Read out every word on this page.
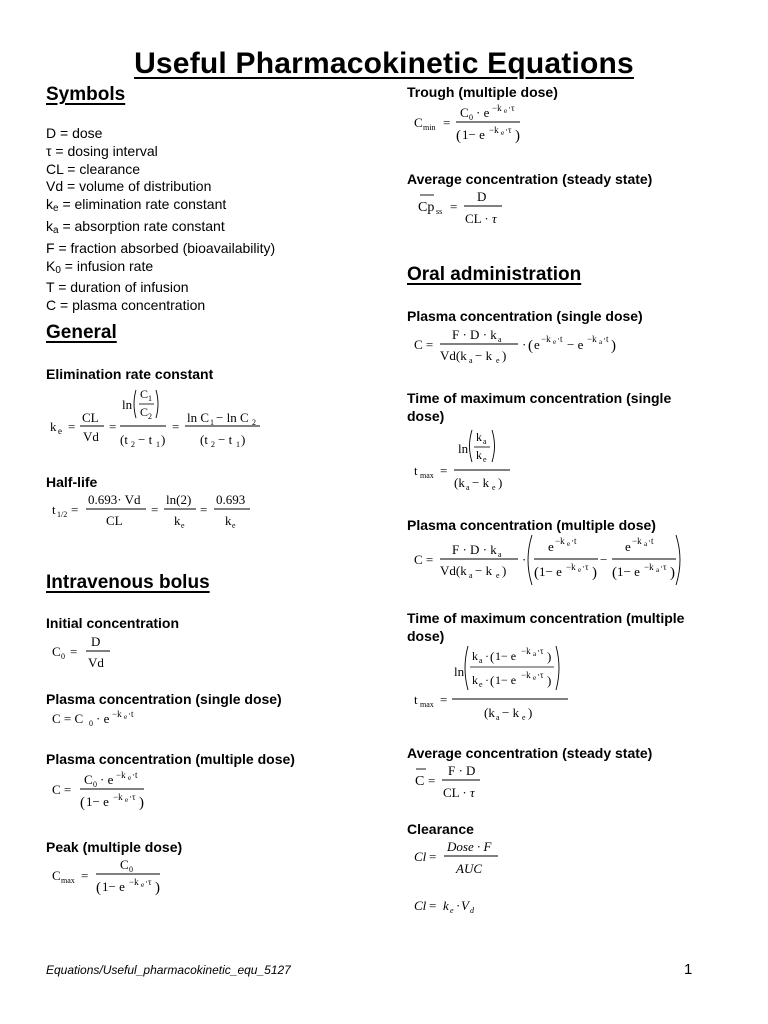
Useful Pharmacokinetic Equations
Symbols
D = dose
τ = dosing interval
CL = clearance
Vd = volume of distribution
$k_e$ = elimination rate constant
$k_a$ = absorption rate constant
F = fraction absorbed (bioavailability)
$K_0$ = infusion rate
T = duration of infusion
C = plasma concentration
General
Elimination rate constant
k e =
CL
Vd
=
ln
C 1
C 2
(t 2 − t 1 )
=
ln C 1 − ln C 2
(t 2 − t 1 )
Half-life
t 1/2 =
0.693· Vd
CL
=
ln(2)
k e
=
0.693
k e
Intravenous bolus
Initial concentration
C 0 =
D
Vd
Plasma concentration (single dose)
C = C 0 · e −k e ·t
Plasma concentration (multiple dose)
C =
C 0 · e −k e ·t
( 1− e −k e ·τ )
Peak (multiple dose)
C max =
C 0
( 1− e −k e ·τ )
Trough (multiple dose)
C min =
C 0 · e −k e ·τ
( 1− e −k e ·τ )
Average concentration (steady state)
Cp ss =
D
CL · τ
Oral administration
Plasma concentration (single dose)
C =
F · D · k a
Vd(k a − k e )
· ( e −k e ·t − e −k a ·t )
Time of maximum concentration (single
dose)
t max =
ln
k a
k e
(k a − k e )
Plasma concentration (multiple dose)
C =
F · D · k a
Vd(k a − k e )
·
e −k e ·t
( 1− e −k e ·τ )
−
e −k a ·t
( 1− e −k a ·τ )
Time of maximum concentration (multiple
dose)
t max =
ln
k a · ( 1− e −k a ·τ )
k e · ( 1− e −k e ·τ )
(k a − k e )
Average concentration (steady state)
C =
F · D
CL · τ
Clearance
Cl =
Dose · F
AUC
Cl = k e · V d
Equations/Useful_pharmacokinetic_equ_5127	1
